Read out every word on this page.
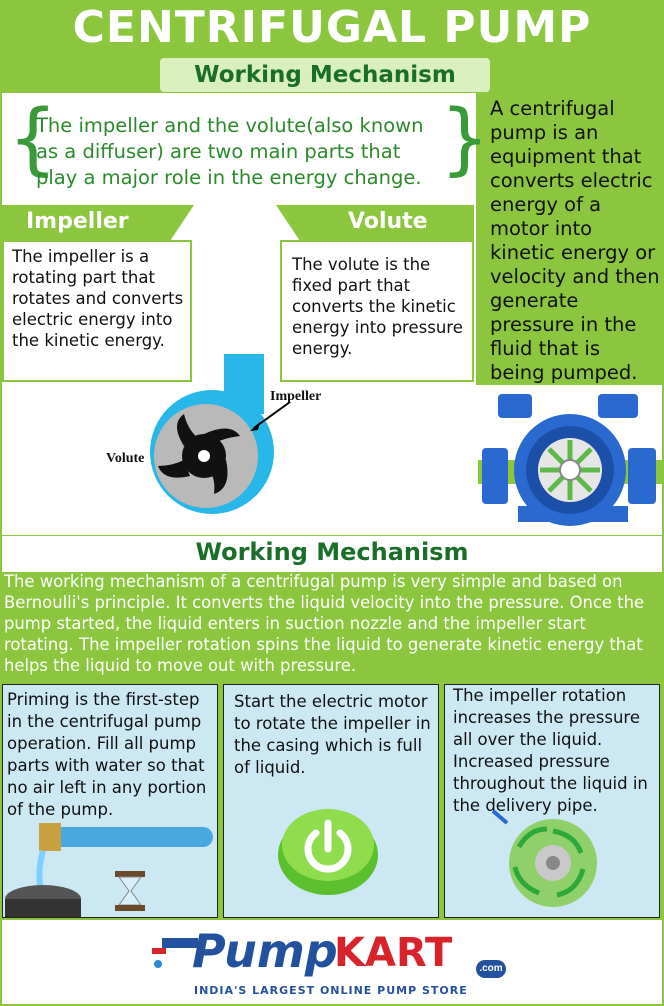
CENTRIFUGAL PUMP
Working Mechanism
{	}
The impeller and the volute(also known as a diffuser) are two main parts that play a major role in the energy change.
A centrifugal pump is an equipment that converts electric energy of a motor into kinetic energy or velocity and then generate pressure in the fluid that is being pumped.
Impeller
The impeller is a rotating part that rotates and converts electric energy into the kinetic energy.
Volute
The volute is the fixed part that converts the kinetic energy into pressure energy.
Impeller
Volute
Working Mechanism
The working mechanism of a centrifugal pump is very simple and based on Bernoulli's principle. It converts the liquid velocity into the pressure. Once the pump started, the liquid enters in suction nozzle and the impeller start rotating. The impeller rotation spins the liquid to generate kinetic energy that helps the liquid to move out with pressure.
Priming is the first-step in the centrifugal pump operation. Fill all pump parts with water so that no air left in any portion of the pump.
Start the electric motor to rotate the impeller in the casing which is full of liquid.
The impeller rotation increases the pressure all over the liquid. Increased pressure throughout the liquid in the delivery pipe.
Pump
KART	.com
INDIA'S LARGEST ONLINE PUMP STORE
